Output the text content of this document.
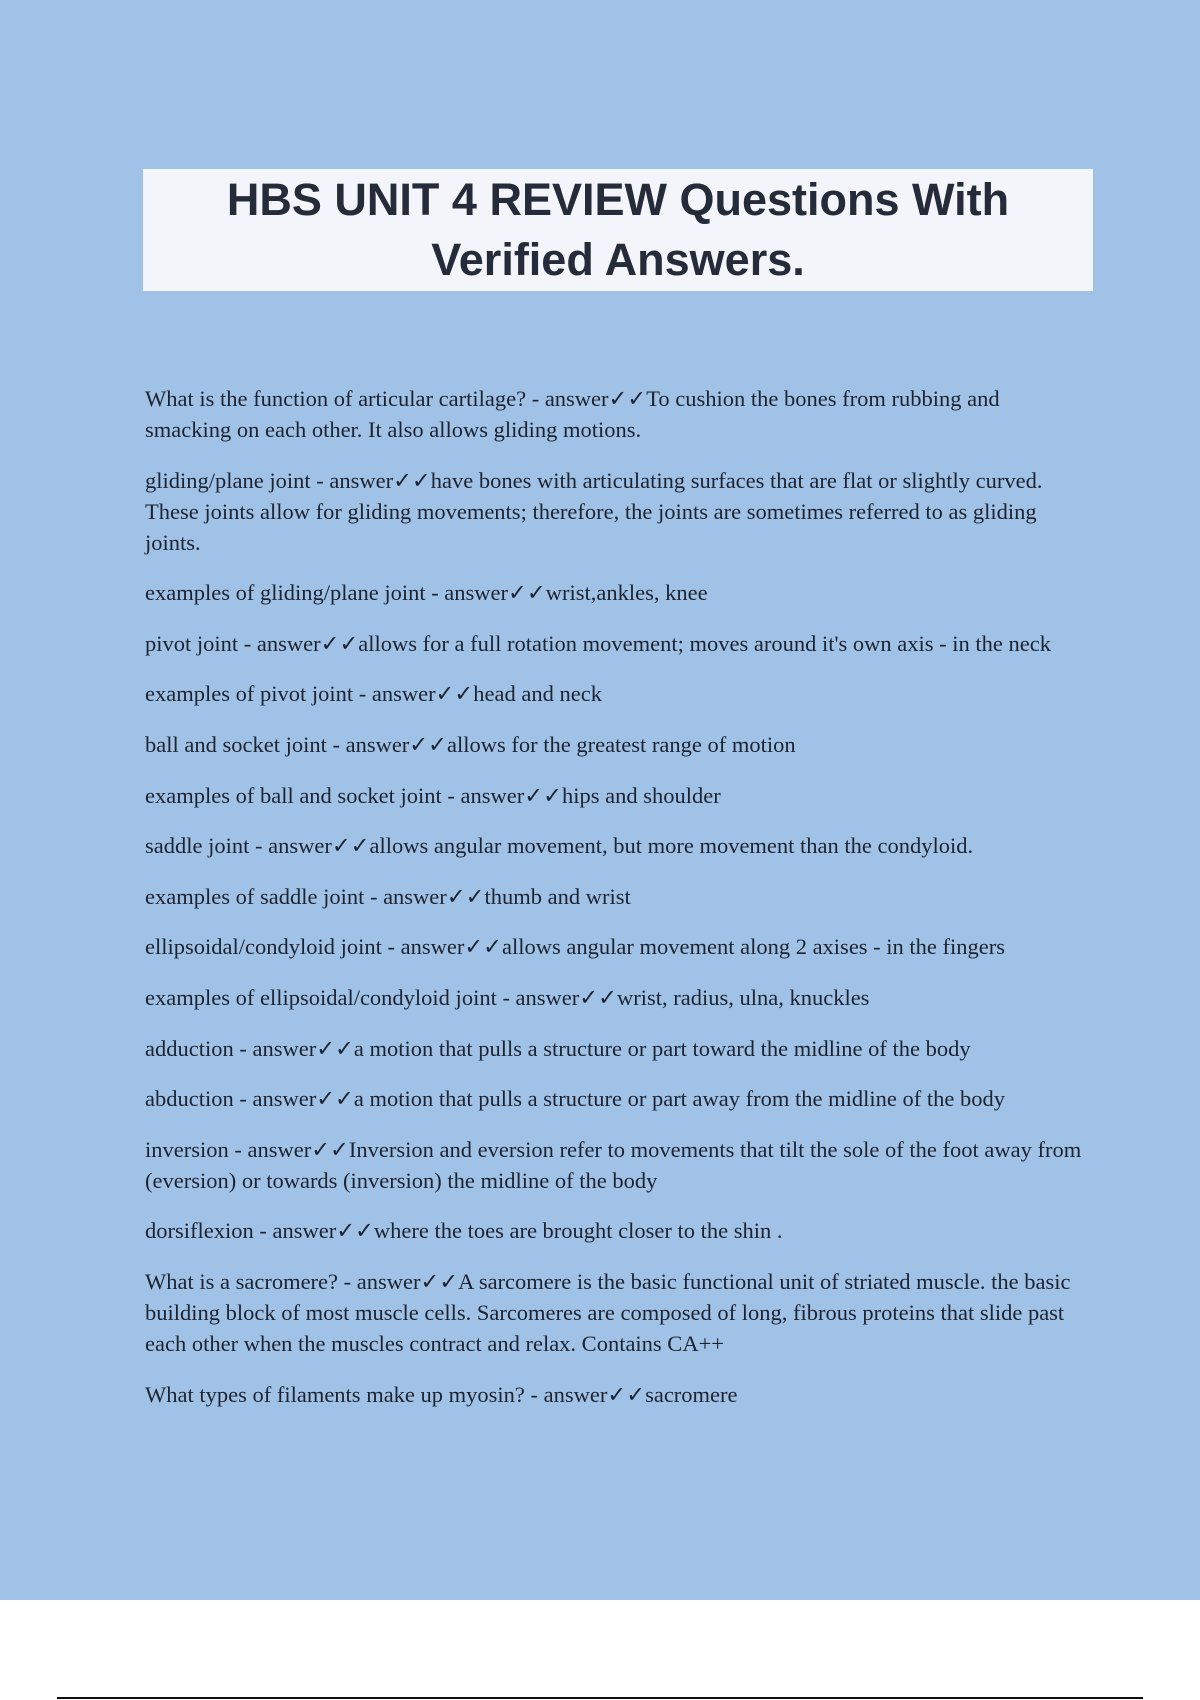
HBS UNIT 4 REVIEW Questions With Verified Answers.
What is the function of articular cartilage? - answer✓✓To cushion the bones from rubbing and smacking on each other. It also allows gliding motions.
gliding/plane joint - answer✓✓have bones with articulating surfaces that are flat or slightly curved. These joints allow for gliding movements; therefore, the joints are sometimes referred to as gliding joints.
examples of gliding/plane joint - answer✓✓wrist,ankles, knee
pivot joint - answer✓✓allows for a full rotation movement; moves around it's own axis - in the neck
examples of pivot joint - answer✓✓head and neck
ball and socket joint - answer✓✓allows for the greatest range of motion
examples of ball and socket joint - answer✓✓hips and shoulder
saddle joint - answer✓✓allows angular movement, but more movement than the condyloid.
examples of saddle joint - answer✓✓thumb and wrist
ellipsoidal/condyloid joint - answer✓✓allows angular movement along 2 axises - in the fingers
examples of ellipsoidal/condyloid joint - answer✓✓wrist, radius, ulna, knuckles
adduction - answer✓✓a motion that pulls a structure or part toward the midline of the body
abduction - answer✓✓a motion that pulls a structure or part away from the midline of the body
inversion - answer✓✓Inversion and eversion refer to movements that tilt the sole of the foot away from (eversion) or towards (inversion) the midline of the body
dorsiflexion - answer✓✓where the toes are brought closer to the shin .
What is a sacromere? - answer✓✓A sarcomere is the basic functional unit of striated muscle. the basic building block of most muscle cells. Sarcomeres are composed of long, fibrous proteins that slide past each other when the muscles contract and relax. Contains CA++
What types of filaments make up myosin? - answer✓✓sacromere
